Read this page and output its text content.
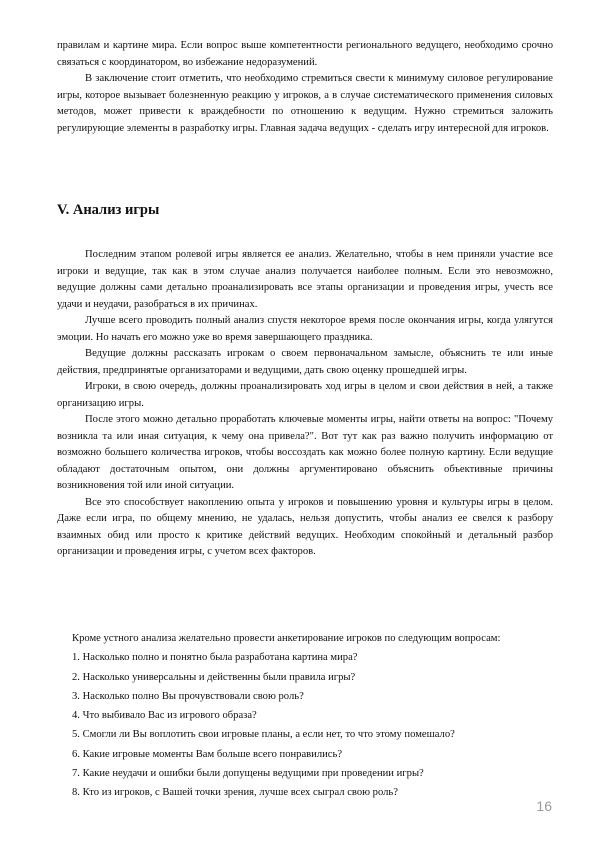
правилам и картине мира. Если вопрос выше компетентности регионального ведущего, необходимо срочно связаться с координатором, во избежание недоразумений.

В заключение стоит отметить, что необходимо стремиться свести к минимуму силовое регулирование игры, которое вызывает болезненную реакцию у игроков, а в случае систематического применения силовых методов, может привести к враждебности по отношению к ведущим. Нужно стремиться заложить регулирующие элементы в разработку игры. Главная задача ведущих - сделать игру интересной для игроков.

V. Анализ игры

Последним этапом ролевой игры является ее анализ. Желательно, чтобы в нем приняли участие все игроки и ведущие, так как в этом случае анализ получается наиболее полным. Если это невозможно, ведущие должны сами детально проанализировать все этапы организации и проведения игры, учесть все удачи и неудачи, разобраться в их причинах.

Лучше всего проводить полный анализ спустя некоторое время после окончания игры, когда улягутся эмоции. Но начать его можно уже во время завершающего праздника.

Ведущие должны рассказать игрокам о своем первоначальном замысле, объяснить те или иные действия, предпринятые организаторами и ведущими, дать свою оценку прошедшей игры.

Игроки, в свою очередь, должны проанализировать ход игры в целом и свои действия в ней, а также организацию игры.

После этого можно детально проработать ключевые моменты игры, найти ответы на вопрос: "Почему возникла та или иная ситуация, к чему она привела?". Вот тут как раз важно получить информацию от возможно большего количества игроков, чтобы воссоздать как можно более полную картину. Если ведущие обладают достаточным опытом, они должны аргументировано объяснить объективные причины возникновения той или иной ситуации.

Все это способствует накоплению опыта у игроков и повышению уровня и культуры игры в целом. Даже если игра, по общему мнению, не удалась, нельзя допустить, чтобы анализ ее свелся к разбору взаимных обид или просто к критике действий ведущих. Необходим спокойный и детальный разбор организации и проведения игры, с учетом всех факторов.

Кроме устного анализа желательно провести анкетирование игроков по следующим вопросам:

1. Насколько полно и понятно была разработана картина мира?
2. Насколько универсальны и действенны были правила игры?
3. Насколько полно Вы прочувствовали свою роль?
4. Что выбивало Вас из игрового образа?
5. Смогли ли Вы воплотить свои игровые планы, а если нет, то что этому помешало?
6. Какие игровые моменты Вам больше всего понравились?
7. Какие неудачи и ошибки были допущены ведущими при проведении игры?
8. Кто из игроков, с Вашей точки зрения, лучше всех сыграл свою роль?
16
